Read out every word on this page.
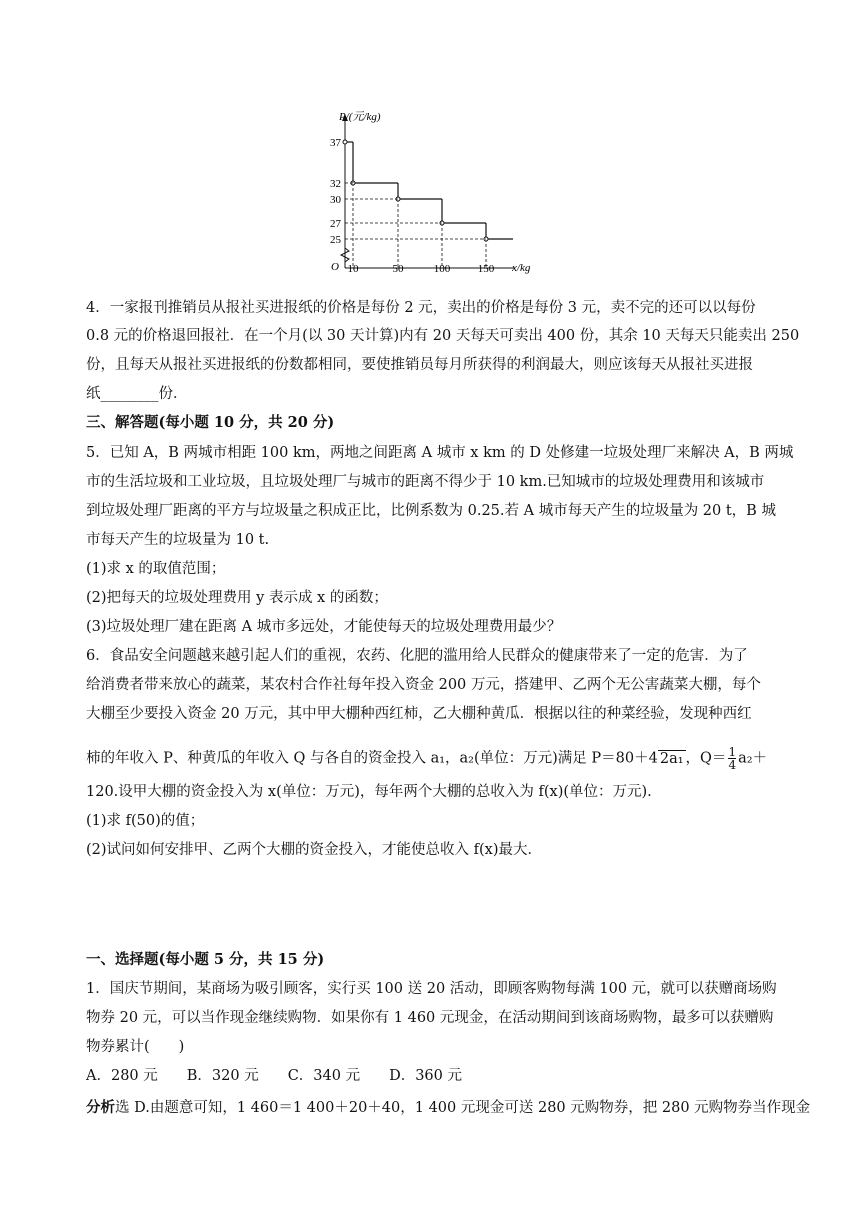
P/(元/kg)
x/kg
O
37
32
30
27
25
10	50	100	150
4．一家报刊推销员从报社买进报纸的价格是每份 2 元，卖出的价格是每份 3 元，卖不完的还可以以每份
0.8 元的价格退回报社．在一个月(以 30 天计算)内有 20 天每天可卖出 400 份，其余 10 天每天只能卖出 250
份，且每天从报社买进报纸的份数都相同，要使推销员每月所获得的利润最大，则应该每天从报社买进报
纸________份．
三、解答题(每小题 10 分，共 20 分)
5．已知 A，B 两城市相距 100 km，两地之间距离 A 城市 x km 的 D 处修建一垃圾处理厂来解决 A，B 两城
市的生活垃圾和工业垃圾，且垃圾处理厂与城市的距离不得少于 10 km.已知城市的垃圾处理费用和该城市
到垃圾处理厂距离的平方与垃圾量之积成正比，比例系数为 0.25.若 A 城市每天产生的垃圾量为 20 t，B 城
市每天产生的垃圾量为 10 t.
(1)求 x 的取值范围；
(2)把每天的垃圾处理费用 y 表示成 x 的函数；
(3)垃圾处理厂建在距离 A 城市多远处，才能使每天的垃圾处理费用最少？
6．食品安全问题越来越引起人们的重视，农药、化肥的滥用给人民群众的健康带来了一定的危害．为了
给消费者带来放心的蔬菜，某农村合作社每年投入资金 200 万元，搭建甲、乙两个无公害蔬菜大棚，每个
大棚至少要投入资金 20 万元，其中甲大棚种西红柿，乙大棚种黄瓜．根据以往的种菜经验，发现种西红
120.设甲大棚的资金投入为 x(单位：万元)，每年两个大棚的总收入为 f(x)(单位：万元).
(1)求 f(50)的值；
(2)试问如何安排甲、乙两个大棚的资金投入，才能使总收入 f(x)最大．
一、选择题(每小题 5 分，共 15 分)
1．国庆节期间，某商场为吸引顾客，实行买 100 送 20 活动，即顾客购物每满 100 元，就可以获赠商场购
物券 20 元，可以当作现金继续购物．如果你有 1 460 元现金，在活动期间到该商场购物，最多可以获赠购
物券累计(　　)
A．280 元　　B．320 元　　C．340 元　　D．360 元
柿的年收入 P、种黄瓜的年收入 Q 与各自的资金投入 a₁，a₂(单位：万元)满足 P＝80＋4 2a₁ ，$Q= \frac{1}{4} a_2+$
分析选 D.由题意可知，1 460＝1 400＋20＋40，1 400 元现金可送 280 元购物券，把 280 元购物券当作现金
